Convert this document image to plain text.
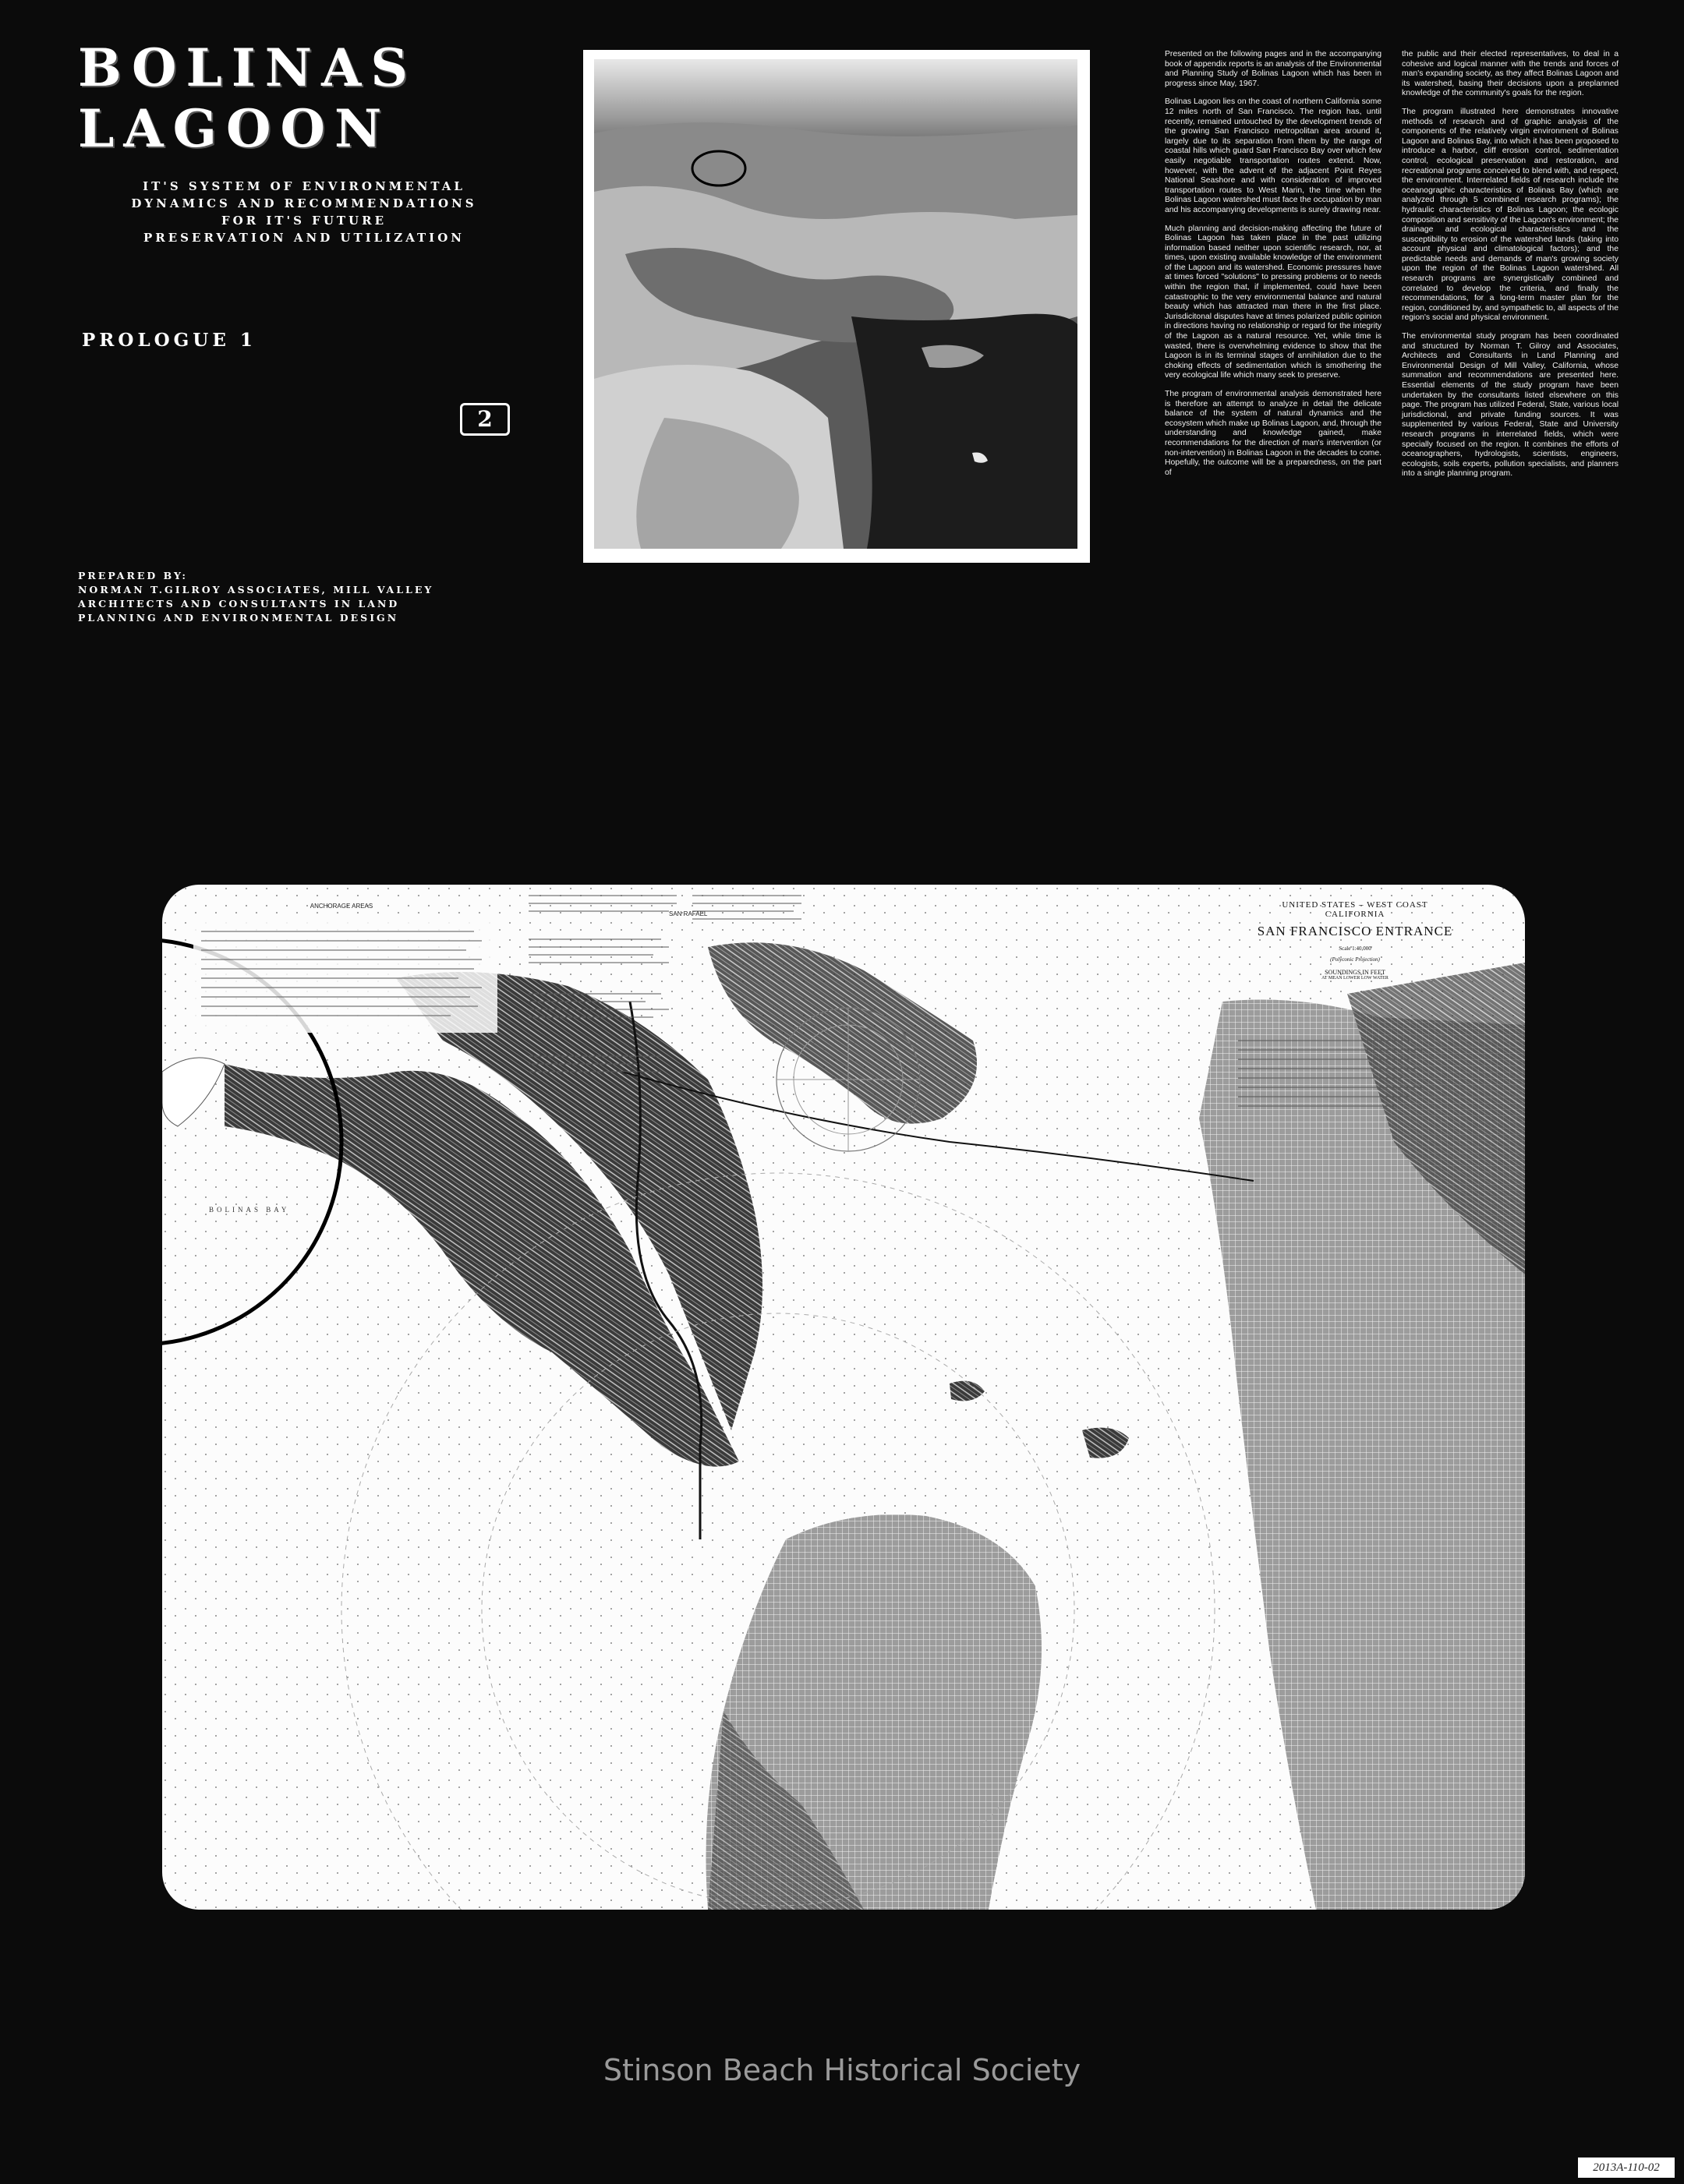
BOLINAS
LAGOON
IT'S SYSTEM OF ENVIRONMENTAL
DYNAMICS AND RECOMMENDATIONS
FOR IT'S FUTURE
PRESERVATION AND UTILIZATION
PROLOGUE 1
2
PREPARED BY:
NORMAN T.GILROY ASSOCIATES, MILL VALLEY
ARCHITECTS AND CONSULTANTS IN LAND
PLANNING AND ENVIRONMENTAL DESIGN

Presented on the following pages and in the accompanying book of appendix reports is an analysis of the Environmental and Planning Study of Bolinas Lagoon which has been in progress since May, 1967.

Bolinas Lagoon lies on the coast of northern California some 12 miles north of San Francisco. The region has, until recently, remained untouched by the development trends of the growing San Francisco metropolitan area around it, largely due to its separation from them by the range of coastal hills which guard San Francisco Bay over which few easily negotiable transportation routes extend. Now, however, with the advent of the adjacent Point Reyes National Seashore and with consideration of improved transportation routes to West Marin, the time when the Bolinas Lagoon watershed must face the occupation by man and his accompanying developments is surely drawing near.

Much planning and decision-making affecting the future of Bolinas Lagoon has taken place in the past utilizing information based neither upon scientific research, nor, at times, upon existing available knowledge of the environment of the Lagoon and its watershed. Economic pressures have at times forced "solutions" to pressing problems or to needs within the region that, if implemented, could have been catastrophic to the very environmental balance and natural beauty which has attracted man there in the first place. Jurisdicitonal disputes have at times polarized public opinion in directions having no relationship or regard for the integrity of the Lagoon as a natural resource. Yet, while time is wasted, there is overwhelming evidence to show that the Lagoon is in its terminal stages of annihilation due to the choking effects of sedimentation which is smothering the very ecological life which many seek to preserve.

The program of environmental analysis demonstrated here is therefore an attempt to analyze in detail the delicate balance of the system of natural dynamics and the ecosystem which make up Bolinas Lagoon, and, through the understanding and knowledge gained, make recommendations for the direction of man's intervention (or non-intervention) in Bolinas Lagoon in the decades to come. Hopefully, the outcome will be a preparedness, on the part of

the public and their elected representatives, to deal in a cohesive and logical manner with the trends and forces of man's expanding society, as they affect Bolinas Lagoon and its watershed, basing their decisions upon a preplanned knowledge of the community's goals for the region.

The program illustrated here demonstrates innovative methods of research and of graphic analysis of the components of the relatively virgin environment of Bolinas Lagoon and Bolinas Bay, into which it has been proposed to introduce a harbor, cliff erosion control, sedimentation control, ecological preservation and restoration, and recreational programs conceived to blend with, and respect, the environment. Interrelated fields of research include the oceanographic characteristics of Bolinas Bay (which are analyzed through 5 combined research programs); the hydraulic characteristics of Bolinas Lagoon; the ecologic composition and sensitivity of the Lagoon's environment; the drainage and ecological characteristics and the susceptibility to erosion of the watershed lands (taking into account physical and climatological factors); and the predictable needs and demands of man's growing society upon the region of the Bolinas Lagoon watershed. All research programs are synergistically combined and correlated to develop the criteria, and finally the recommendations, for a long-term master plan for the region, conditioned by, and sympathetic to, all aspects of the region's social and physical environment.

The environmental study program has been coordinated and structured by Norman T. Gilroy and Associates, Architects and Consultants in Land Planning and Environmental Design of Mill Valley, California, whose summation and recommendations are presented here. Essential elements of the study program have been undertaken by the consultants listed elsewhere on this page. The program has utilized Federal, State, various local jurisdictional, and private funding sources. It was supplemented by various Federal, State and University research programs in interrelated fields, which were specially focused on the region. It combines the efforts of oceanographers, hydrologists, scientists, engineers, ecologists, soils experts, pollution specialists, and planners into a single planning program.

ANCHORAGE AREAS
BOLINAS BAY
SAN RAFAEL
UNITED STATES – WEST COAST
CALIFORNIA
SAN FRANCISCO ENTRANCE
Scale 1:40,000
(Polyconic Projection)
SOUNDINGS IN FEET
AT MEAN LOWER LOW WATER
Stinson Beach Historical Society
2013A-110-02
